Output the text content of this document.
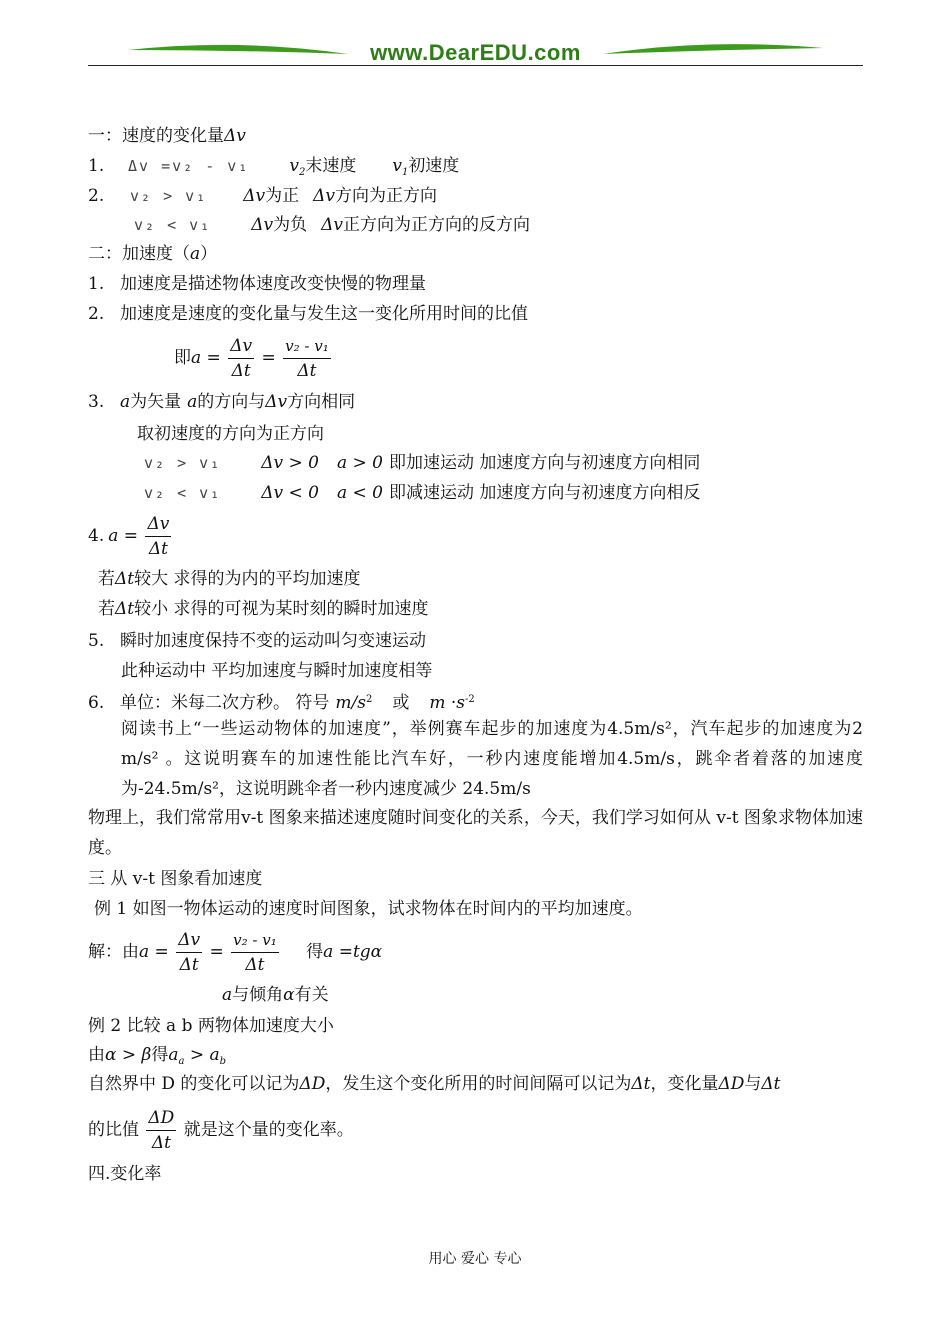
www.DearEDU.com
一：速度的变化量Δv
1. Δv =v₂ - v₁ $v_2$末速度 $v_1$初速度
2. v₂ > v₁ Δv为正 Δv方向为正方向
v₂ < v₁ Δv为负 Δv正方向为正方向的反方向
二：加速度（a）
1. 加速度是描述物体速度改变快慢的物理量
2. 加速度是速度的变化量与发生这一变化所用时间的比值
即$a = \frac{\Delta v}{\Delta t} = \frac{\text{v₂ - v₁}}{\Delta t}$
3. a为矢量 a的方向与Δv方向相同
取初速度的方向为正方向
v₂ > v₁ Δv > 0 a > 0 即加速运动 加速度方向与初速度方向相同
v₂ < v₁ Δv < 0 a < 0 即减速运动 加速度方向与初速度方向相反
4. $a = \frac{\Delta v}{\Delta t}$
若Δt较大 求得的为内的平均加速度
若Δt较小 求得的可视为某时刻的瞬时加速度
5. 瞬时加速度保持不变的运动叫匀变速运动
此种运动中 平均加速度与瞬时加速度相等
6. 单位：米每二次方秒。 符号 $m/s^2$ 或 $m \cdot s^{-2}$
阅读书上“一些运动物体的加速度”，举例赛车起步的加速度为4.5m/s²，汽车起步的加速度为2 m/s² 。这说明赛车的加速性能比汽车好，一秒内速度能增加4.5m/s，跳伞者着落的加速度为-24.5m/s²，这说明跳伞者一秒内速度减少 24.5m/s
物理上，我们常常用v-t 图象来描述速度随时间变化的关系，今天，我们学习如何从 v-t 图象求物体加速度。
三 从 v-t 图象看加速度
例 1 如图一物体运动的速度时间图象，试求物体在时间内的平均加速度。
解：由$a = \frac{\Delta v}{\Delta t} = \frac{\text{v₂ - v₁}}{\Delta t}$ 得a =tgα
a与倾角α有关
例 2 比较 a b 两物体加速度大小
由α > β得$a_a > a_b$
自然界中 D 的变化可以记为ΔD，发生这个变化所用的时间间隔可以记为Δt，变化量ΔD与Δt
的比值 $\frac{\Delta D}{\Delta t}$ 就是这个量的变化率。
四.变化率
用心 爱心 专心
